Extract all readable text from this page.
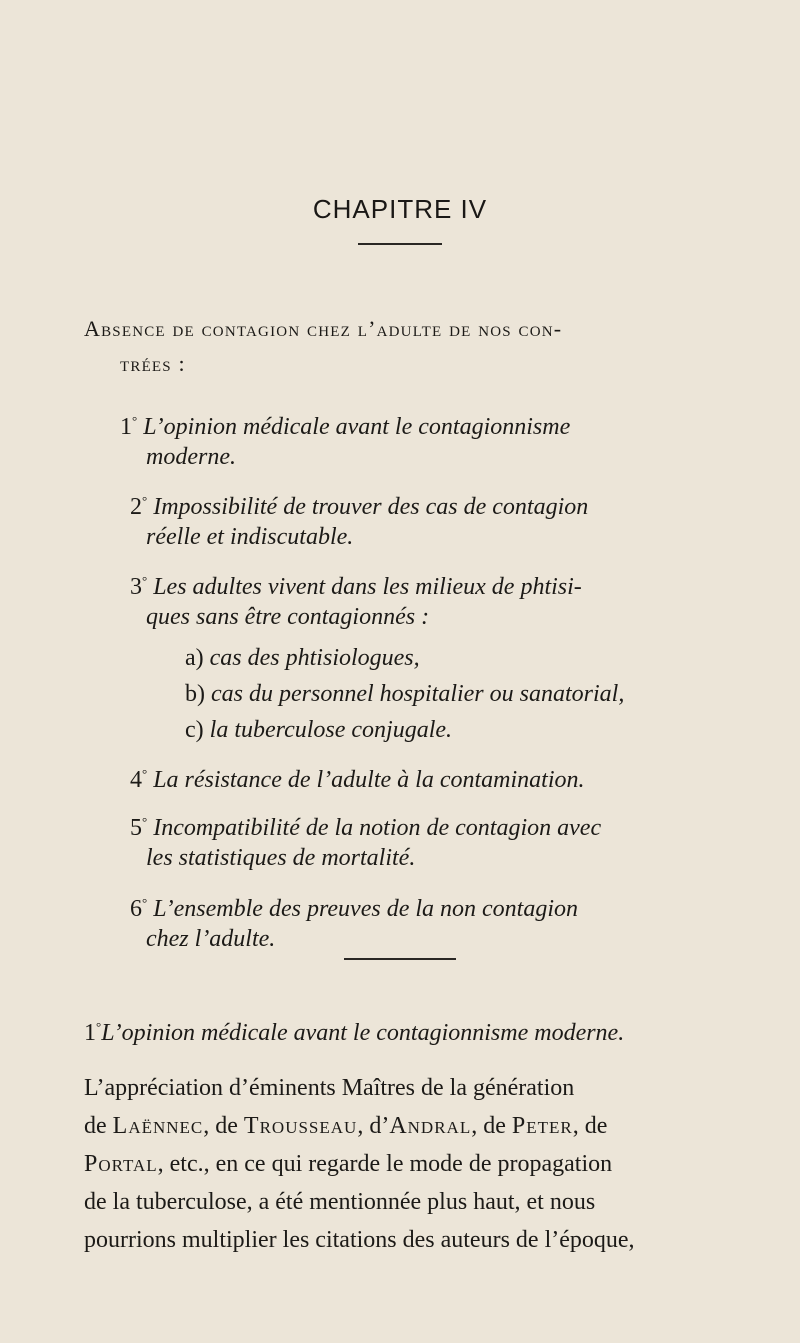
CHAPITRE IV
Absence de contagion chez l’adulte de nos con-
trées :
1° L’opinion médicale avant le contagionnisme
moderne.
2° Impossibilité de trouver des cas de contagion
réelle et indiscutable.
3° Les adultes vivent dans les milieux de phtisi-
ques sans être contagionnés :
a) cas des phtisiologues,
b) cas du personnel hospitalier ou sanatorial,
c) la tuberculose conjugale.
4° La résistance de l’adulte à la contamination.
5° Incompatibilité de la notion de contagion avec
les statistiques de mortalité.
6° L’ensemble des preuves de la non contagion
chez l’adulte.
1°L’opinion médicale avant le contagionnisme moderne.
L’appréciation d’éminents Maîtres de la génération
de Laënnec, de Trousseau, d’Andral, de Peter, de
Portal, etc., en ce qui regarde le mode de propagation
de la tuberculose, a été mentionnée plus haut, et nous
pourrions multiplier les citations des auteurs de l’époque,
